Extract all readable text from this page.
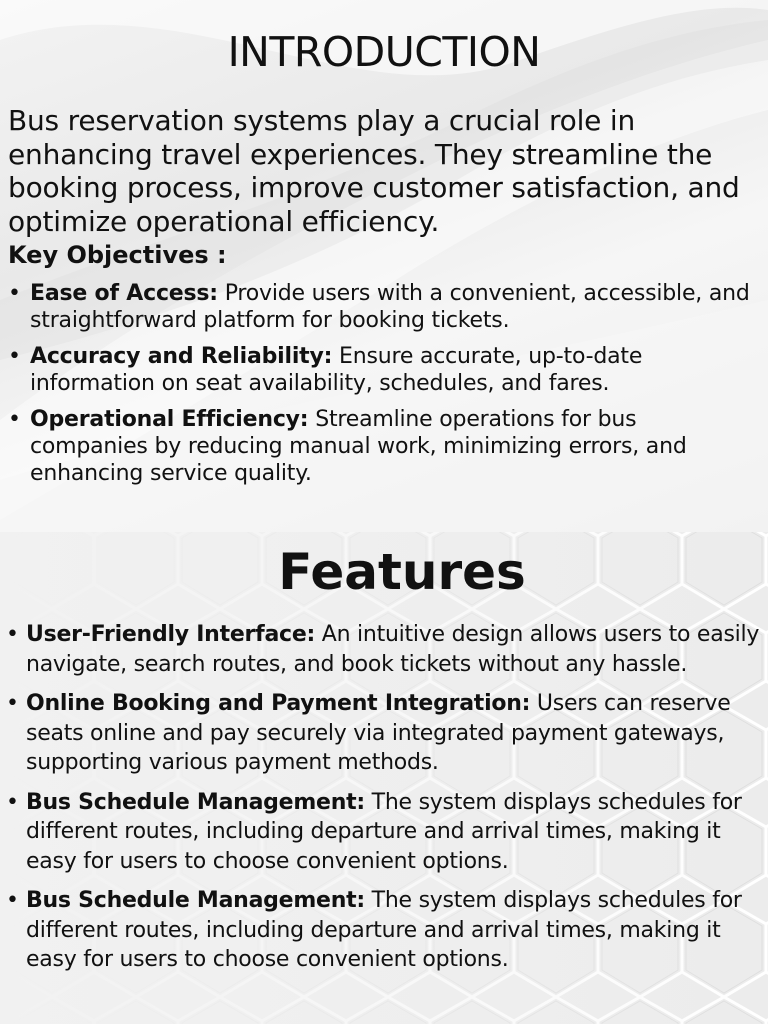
INTRODUCTION

Bus reservation systems play a crucial role in enhancing travel experiences. They streamline the booking process, improve customer satisfaction, and optimize operational efficiency.

Key Objectives :
• Ease of Access: Provide users with a convenient, accessible, and straightforward platform for booking tickets.
• Accuracy and Reliability: Ensure accurate, up-to-date information on seat availability, schedules, and fares.
• Operational Efficiency: Streamline operations for bus companies by reducing manual work, minimizing errors, and enhancing service quality.
Features
• User-Friendly Interface: An intuitive design allows users to easily navigate, search routes, and book tickets without any hassle.
• Online Booking and Payment Integration: Users can reserve seats online and pay securely via integrated payment gateways, supporting various payment methods.
• Bus Schedule Management: The system displays schedules for different routes, including departure and arrival times, making it easy for users to choose convenient options.
• Bus Schedule Management: The system displays schedules for different routes, including departure and arrival times, making it easy for users to choose convenient options.
